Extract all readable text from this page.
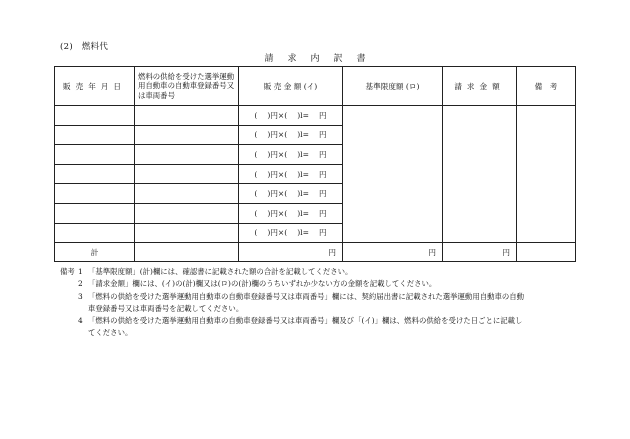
(2)　燃料代
請求内訳書
販売年月日	燃料の供給を受けた選挙運動用自動車の自動車登録番号又は車両番号	販 売 金 額 (イ)	基準限度額 (ロ)	請求金額	備　考
		(　 )円×(　 )l=　 円			
		(　 )円×(　 )l=　 円			
		(　 )円×(　 )l=　 円			
		(　 )円×(　 )l=　 円			
		(　 )円×(　 )l=　 円			
		(　 )円×(　 )l=　 円			
		(　 )円×(　 )l=　 円			
計		円	円	円	
備考 1 「基準限度額」(計)欄には、確認書に記載された額の合計を記載してください。
2 「請求金額」欄には、(イ)の(計)欄又は(ロ)の(計)欄のうちいずれか少ない方の金額を記載してください。
3 「燃料の供給を受けた選挙運動用自動車の自動車登録番号又は車両番号」欄には、契約届出書に記載された選挙運動用自動車の自動
車登録番号又は車両番号を記載してください。
4 「燃料の供給を受けた選挙運動用自動車の自動車登録番号又は車両番号」欄及び「(イ)」欄は、燃料の供給を受けた日ごとに記載し
てください。
